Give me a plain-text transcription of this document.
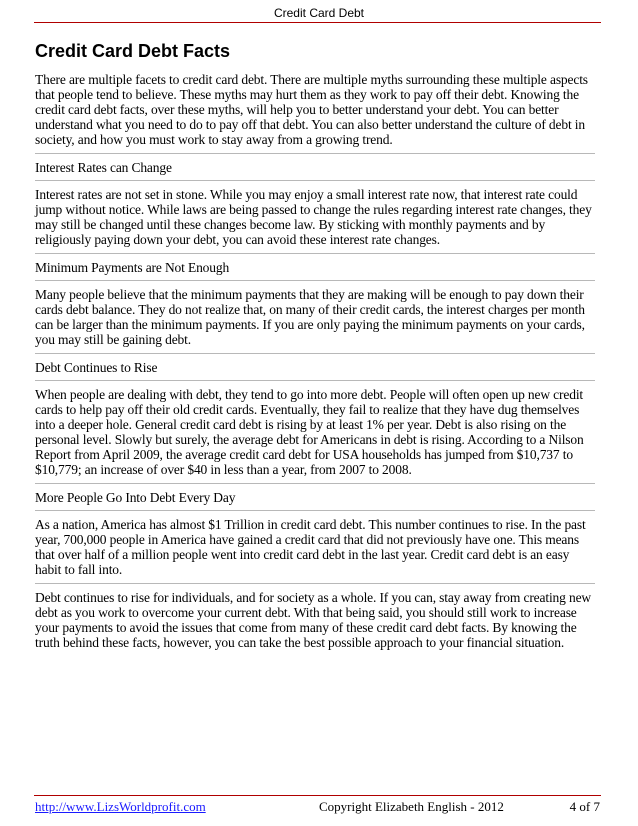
Credit Card Debt
Credit Card Debt Facts

There are multiple facets to credit card debt. There are multiple myths surrounding these multiple aspects that people tend to believe. These myths may hurt them as they work to pay off their debt. Knowing the credit card debt facts, over these myths, will help you to better understand your debt. You can better understand what you need to do to pay off that debt. You can also better understand the culture of debt in society, and how you must work to stay away from a growing trend.

Interest Rates can Change

Interest rates are not set in stone. While you may enjoy a small interest rate now, that interest rate could jump without notice. While laws are being passed to change the rules regarding interest rate changes, they may still be changed until these changes become law. By sticking with monthly payments and by religiously paying down your debt, you can avoid these interest rate changes.

Minimum Payments are Not Enough

Many people believe that the minimum payments that they are making will be enough to pay down their cards debt balance. They do not realize that, on many of their credit cards, the interest charges per month can be larger than the minimum payments. If you are only paying the minimum payments on your cards, you may still be gaining debt.

Debt Continues to Rise

When people are dealing with debt, they tend to go into more debt. People will often open up new credit cards to help pay off their old credit cards. Eventually, they fail to realize that they have dug themselves into a deeper hole. General credit card debt is rising by at least 1% per year. Debt is also rising on the personal level. Slowly but surely, the average debt for Americans in debt is rising. According to a Nilson Report from April 2009, the average credit card debt for USA households has jumped from $10,737 to $10,779; an increase of over $40 in less than a year, from 2007 to 2008.

More People Go Into Debt Every Day

As a nation, America has almost $1 Trillion in credit card debt. This number continues to rise. In the past year, 700,000 people in America have gained a credit card that did not previously have one. This means that over half of a million people went into credit card debt in the last year. Credit card debt is an easy habit to fall into.

Debt continues to rise for individuals, and for society as a whole. If you can, stay away from creating new debt as you work to overcome your current debt. With that being said, you should still work to increase your payments to avoid the issues that come from many of these credit card debt facts. By knowing the truth behind these facts, however, you can take the best possible approach to your financial situation.

http://www.LizsWorldprofit.com	Copyright Elizabeth English - 2012	4 of 7
